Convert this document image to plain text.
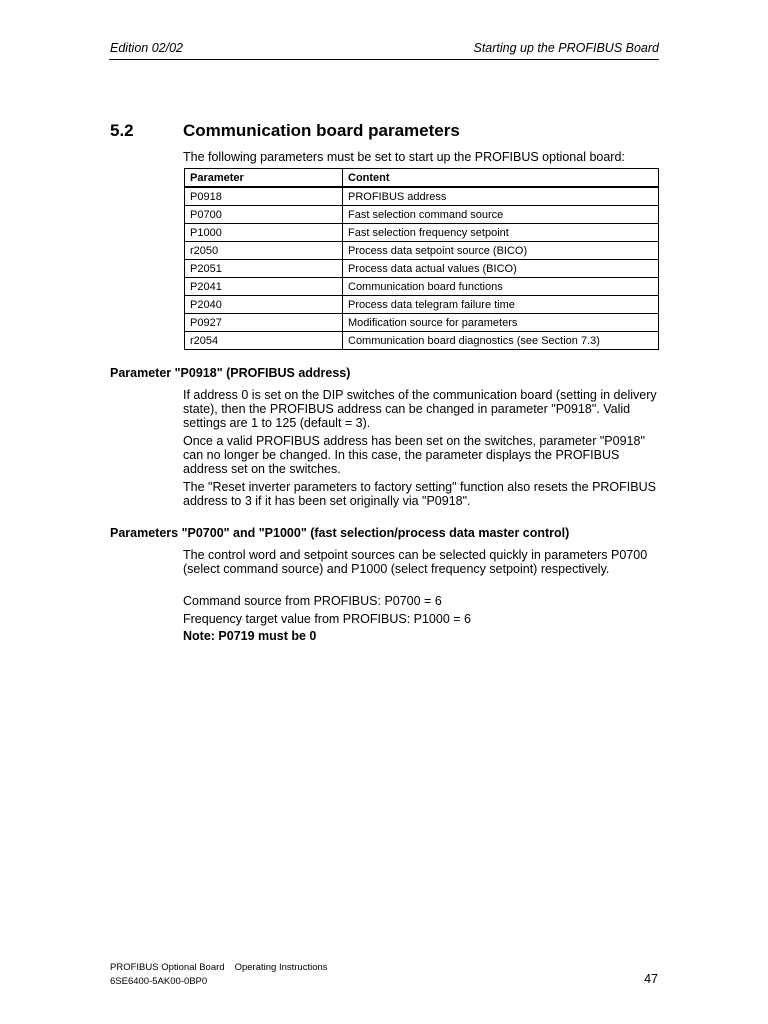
Edition 02/02	Starting up the PROFIBUS Board
5.2	Communication board parameters
The following parameters must be set to start up the PROFIBUS optional board:
Parameter	Content
P0918	PROFIBUS address
P0700	Fast selection command source
P1000	Fast selection frequency setpoint
r2050	Process data setpoint source (BICO)
P2051	Process data actual values (BICO)
P2041	Communication board functions
P2040	Process data telegram failure time
P0927	Modification source for parameters
r2054	Communication board diagnostics (see Section 7.3)
Parameter "P0918" (PROFIBUS address)
If address 0 is set on the DIP switches of the communication board (setting in delivery state), then the PROFIBUS address can be changed in parameter "P0918". Valid settings are 1 to 125 (default = 3).
Once a valid PROFIBUS address has been set on the switches, parameter "P0918" can no longer be changed. In this case, the parameter displays the PROFIBUS address set on the switches.
The "Reset inverter parameters to factory setting" function also resets the PROFIBUS address to 3 if it has been set originally via "P0918".
Parameters "P0700" and "P1000" (fast selection/process data master control)
The control word and setpoint sources can be selected quickly in parameters P0700 (select command source) and P1000 (select frequency setpoint) respectively.
Command source from PROFIBUS: P0700 = 6
Frequency target value from PROFIBUS: P1000 = 6
Note: P0719 must be 0
PROFIBUS Optional Board Operating Instructions
6SE6400-5AK00-0BP0	47
